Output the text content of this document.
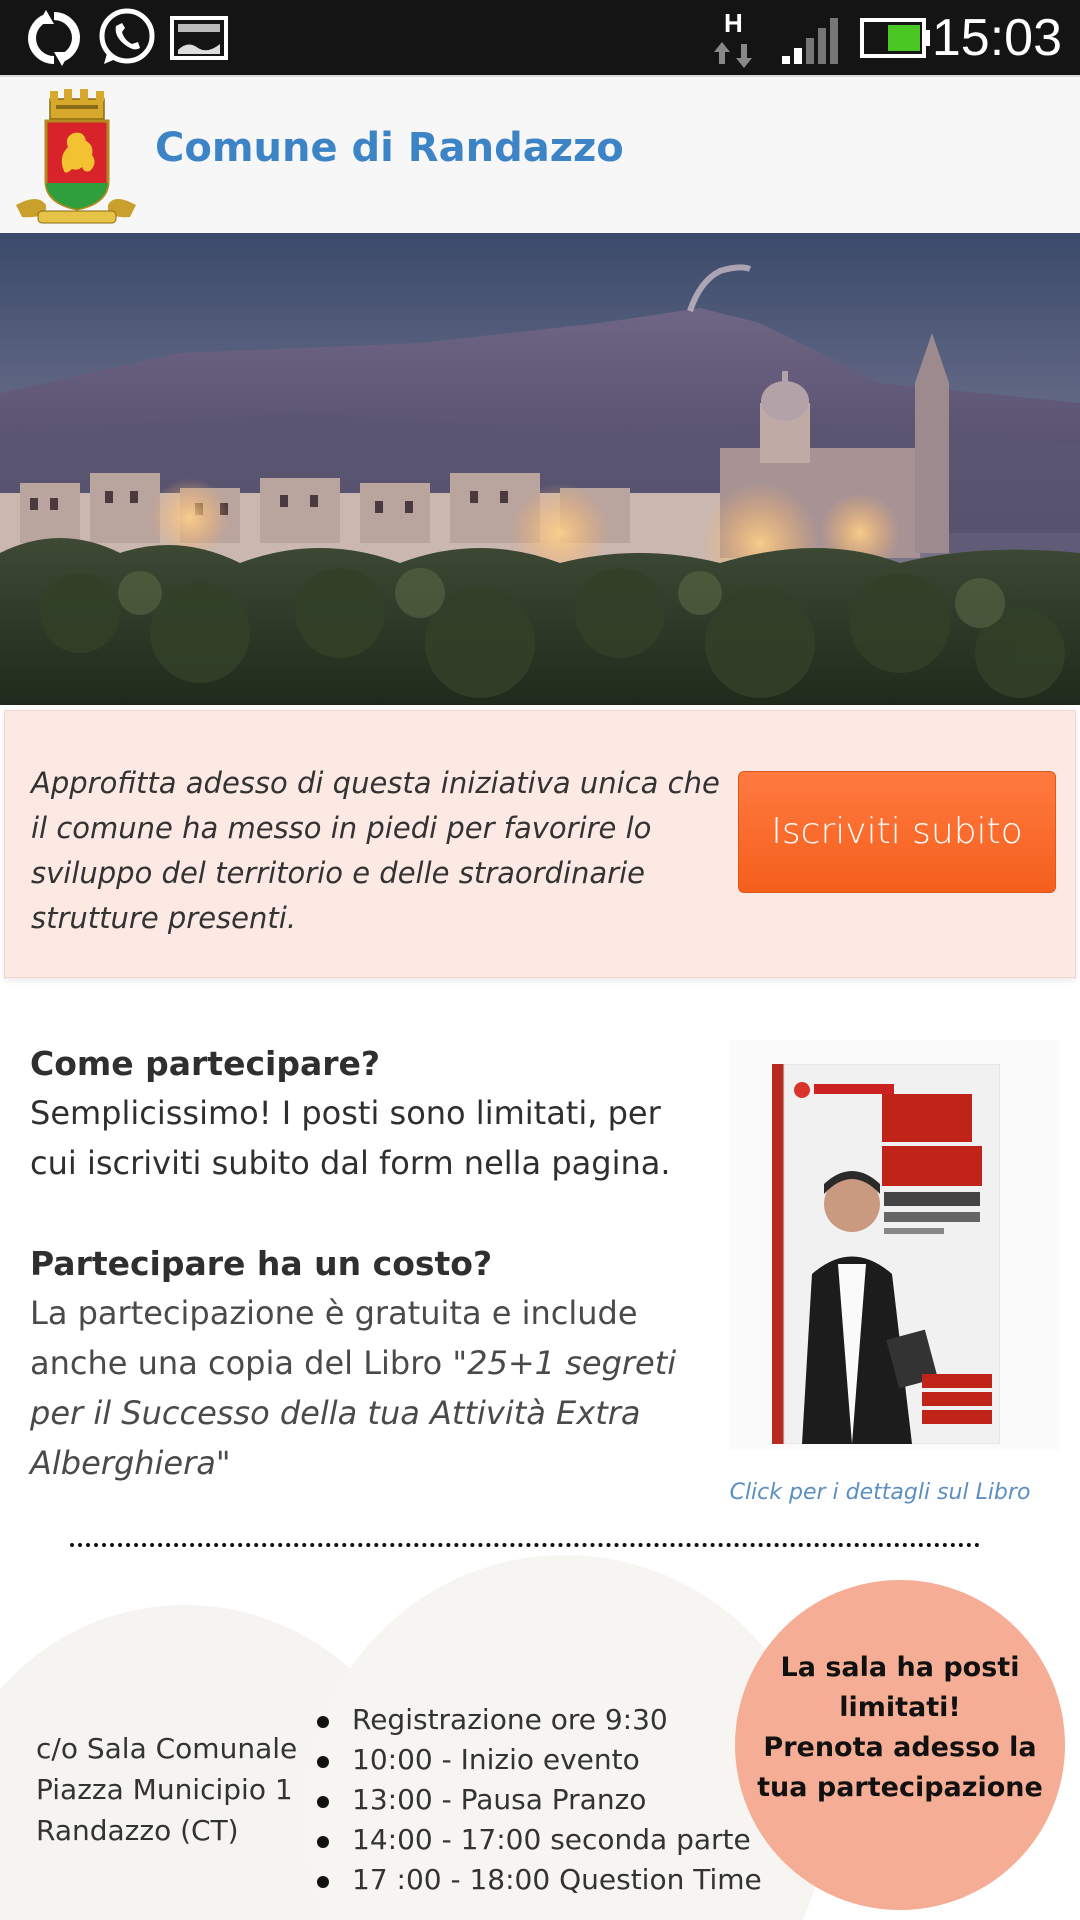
H	15:03
Comune di Randazzo

Approfitta adesso di questa iniziativa unica che il comune ha messo in piedi per favorire lo sviluppo del territorio e delle straordinarie strutture presenti.

Iscriviti subito
Come partecipare?
Semplicissimo! I posti sono limitati, per cui iscriviti subito dal form nella pagina.
Partecipare ha un costo?
La partecipazione è gratuita e include anche una copia del Libro "25+1 segreti per il Successo della tua Attività Extra Alberghiera"
Click per i dettagli sul Libro
c/o Sala Comunale
Piazza Municipio 1
Randazzo (CT)
Registrazione ore 9:30
10:00 - Inizio evento
13:00 - Pausa Pranzo
14:00 - 17:00 seconda parte
17 :00 - 18:00 Question Time
La sala ha posti
limitati!
Prenota adesso la
tua partecipazione
